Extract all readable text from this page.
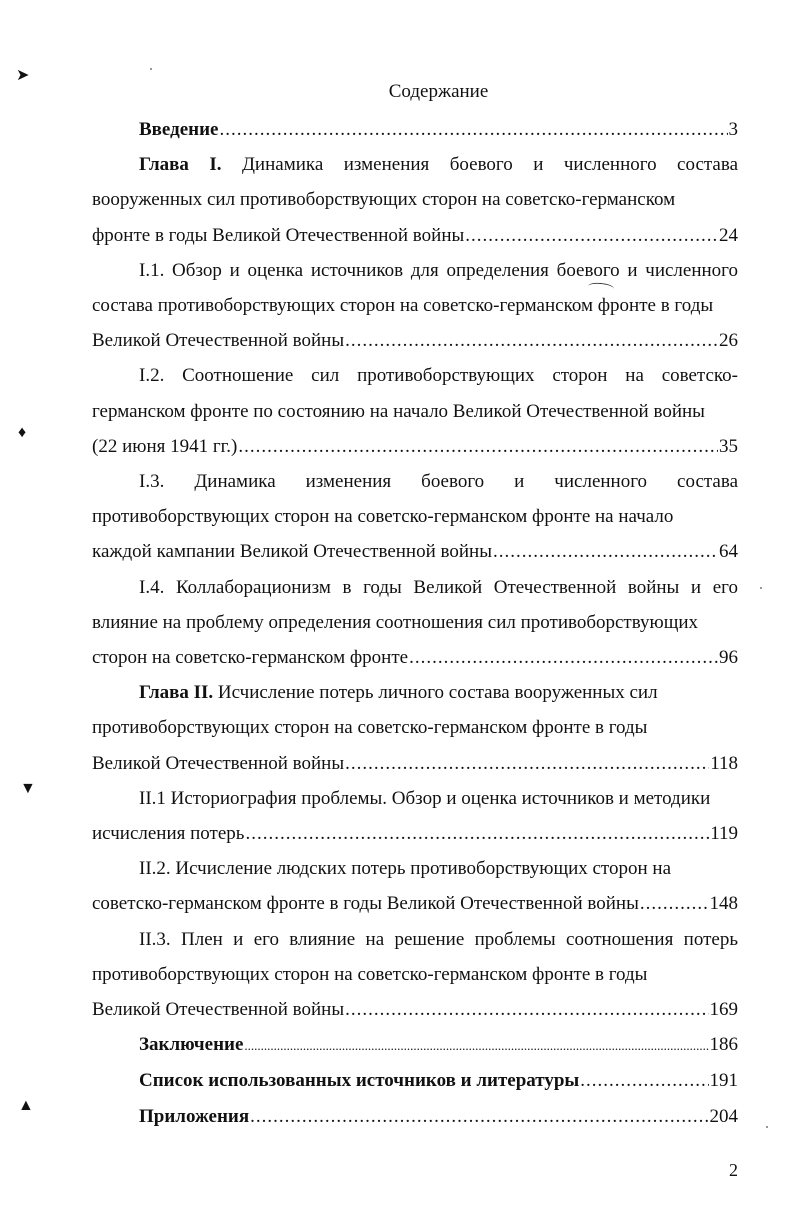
Содержание
Введение .....	3
Глава I. Динамика изменения боевого и численного состава вооруженных сил противоборствующих сторон на советско-германском
фронте в годы Великой Отечественной войны .....	24
I.1. Обзор и оценка источников для определения боевого и численного состава противоборствующих сторон на советско-германском фронте в годы
Великой Отечественной войны .....	26
I.2. Соотношение сил противоборствующих сторон на советско-германском фронте по состоянию на начало Великой Отечественной войны
(22 июня 1941 гг.) .....	35
I.3. Динамика изменения боевого и численного состава противоборствующих сторон на советско-германском фронте на начало
каждой кампании Великой Отечественной войны .....	64
I.4. Коллаборационизм в годы Великой Отечественной войны и его влияние на проблему определения соотношения сил противоборствующих
сторон на советско-германском фронте .....	96
Глава II. Исчисление потерь личного состава вооруженных сил противоборствующих сторон на советско-германском фронте в годы
Великой Отечественной войны .....	118
II.1 Историография проблемы. Обзор и оценка источников и методики
исчисления потерь .....	119
II.2. Исчисление людских потерь противоборствующих сторон на
советско-германском фронте в годы Великой Отечественной войны .....	148
II.3. Плен и его влияние на решение проблемы соотношения потерь противоборствующих сторон на советско-германском фронте в годы
Великой Отечественной войны .....	169
Заключение .....	186
Список использованных источников и литературы .....	191
Приложения .....	204
2
➤
♦
▼
▲
